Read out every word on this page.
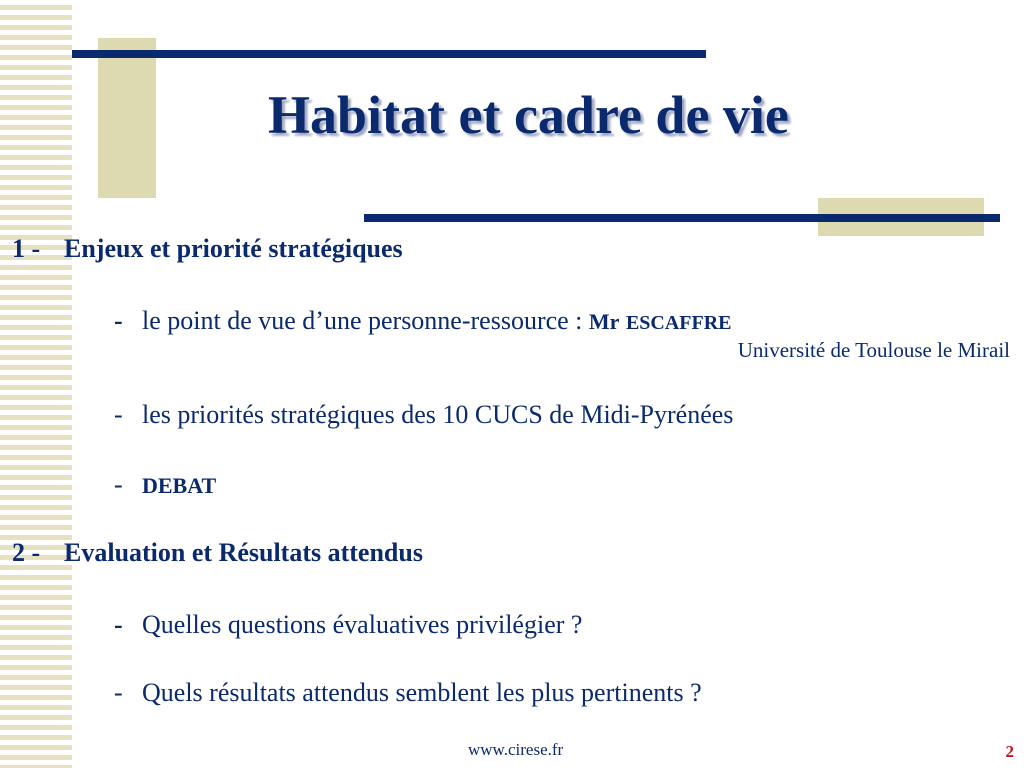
Habitat et cadre de vie
1 - Enjeux et priorité stratégiques
- le point de vue d’une personne-ressource : Mr ESCAFFRE
Université de Toulouse le Mirail
- les priorités stratégiques des 10 CUCS de Midi-Pyrénées
- DEBAT
2 - Evaluation et Résultats attendus
- Quelles questions évaluatives privilégier ?
- Quels résultats attendus semblent les plus pertinents ?
www.cirese.fr	2
